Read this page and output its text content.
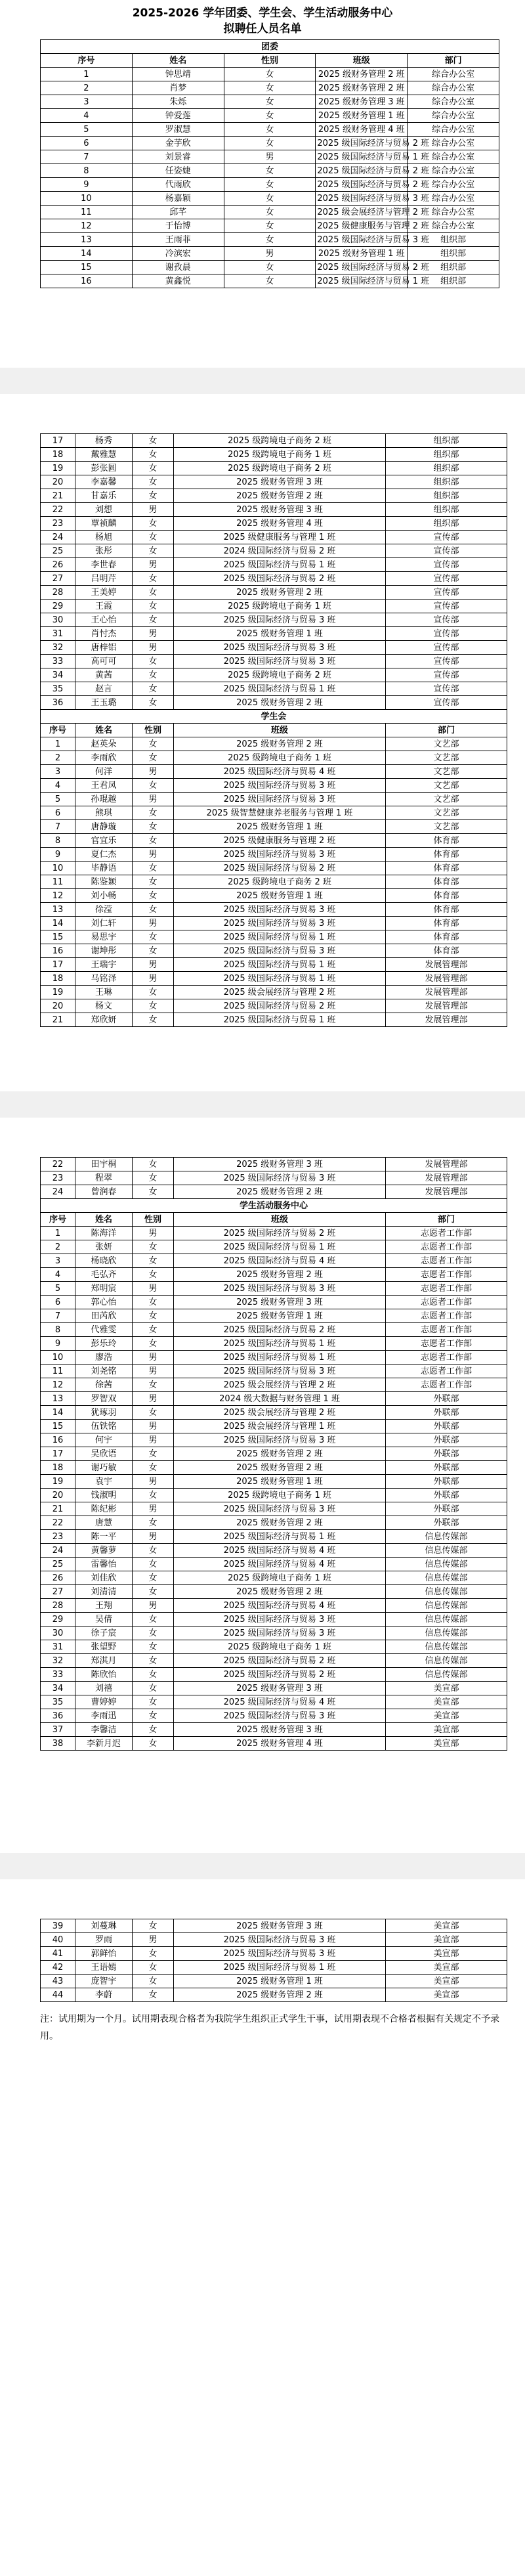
2025-2026 学年团委、学生会、学生活动服务中心
拟聘任人员名单
团委				
序号	姓名	性别	班级	部门
1	钟思靖	女	2025 级财务管理 2 班	综合办公室
2	肖梦	女	2025 级财务管理 2 班	综合办公室
3	朱烁	女	2025 级财务管理 3 班	综合办公室
4	钟爱莲	女	2025 级财务管理 1 班	综合办公室
5	罗淑慧	女	2025 级财务管理 4 班	综合办公室
6	金芋欣	女	2025 级国际经济与贸易 2 班	综合办公室
7	刘景睿	男	2025 级国际经济与贸易 1 班	综合办公室
8	任姿婕	女	2025 级国际经济与贸易 2 班	综合办公室
9	代雨欣	女	2025 级国际经济与贸易 2 班	综合办公室
10	杨嘉颖	女	2025 级国际经济与贸易 3 班	综合办公室
11	邱芊	女	2025 级会展经济与管理 2 班	综合办公室
12	于怡博	女	2025 级健康服务与管理 2 班	综合办公室
13	王雨菲	女	2025 级国际经济与贸易 3 班	组织部
14	冷滨宏	男	2025 级财务管理 1 班	组织部
15	谢孜晨	女	2025 级国际经济与贸易 2 班	组织部
16	黄鑫悦	女	2025 级国际经济与贸易 1 班	组织部
17	杨秀	女	2025 级跨境电子商务 2 班	组织部
18	戴雅慧	女	2025 级跨境电子商务 1 班	组织部
19	彭张圆	女	2025 级跨境电子商务 2 班	组织部
20	李嘉馨	女	2025 级财务管理 3 班	组织部
21	甘嘉乐	女	2025 级财务管理 2 班	组织部
22	刘想	男	2025 级财务管理 3 班	组织部
23	覃祯麟	女	2025 级财务管理 4 班	组织部
24	杨旭	女	2025 级健康服务与管理 1 班	宣传部
25	张彤	女	2024 级国际经济与贸易 2 班	宣传部
26	李世春	男	2025 级国际经济与贸易 1 班	宣传部
27	吕明芹	女	2025 级国际经济与贸易 2 班	宣传部
28	王美婷	女	2025 级财务管理 2 班	宣传部
29	王霞	女	2025 级跨境电子商务 1 班	宣传部
30	王心怡	女	2025 级国际经济与贸易 3 班	宣传部
31	肖忖杰	男	2025 级财务管理 1 班	宣传部
32	唐梓铝	男	2025 级国际经济与贸易 3 班	宣传部
33	高可可	女	2025 级国际经济与贸易 3 班	宣传部
34	黄茜	女	2025 级跨境电子商务 2 班	宣传部
35	赵言	女	2025 级国际经济与贸易 1 班	宣传部
36	王玉璐	女	2025 级财务管理 2 班	宣传部
学生会				
序号	姓名	性别	班级	部门
1	赵英朵	女	2025 级财务管理 2 班	文艺部
2	李雨欣	女	2025 级跨境电子商务 1 班	文艺部
3	何洋	男	2025 级国际经济与贸易 4 班	文艺部
4	王君凤	女	2025 级国际经济与贸易 3 班	文艺部
5	孙琨越	男	2025 级国际经济与贸易 3 班	文艺部
6	熊琪	女	2025 级智慧健康养老服务与管理 1 班	文艺部
7	唐静璇	女	2025 级财务管理 1 班	文艺部
8	官宜乐	女	2025 级健康服务与管理 2 班	体育部
9	夏仁杰	男	2025 级国际经济与贸易 3 班	体育部
10	毕静语	女	2025 级国际经济与贸易 2 班	体育部
11	陈鉴颖	女	2025 级跨境电子商务 2 班	体育部
12	刘小畅	女	2025 级财务管理 1 班	体育部
13	徐滢	女	2025 级国际经济与贸易 3 班	体育部
14	刘仁轩	男	2025 级国际经济与贸易 3 班	体育部
15	易思宇	女	2025 级国际经济与贸易 1 班	体育部
16	谢坤彤	女	2025 级国际经济与贸易 3 班	体育部
17	王瑞宇	男	2025 级国际经济与贸易 1 班	发展管理部
18	马铭泽	男	2025 级国际经济与贸易 1 班	发展管理部
19	王琳	女	2025 级会展经济与管理 2 班	发展管理部
20	杨文	女	2025 级国际经济与贸易 2 班	发展管理部
21	郑欣妍	女	2025 级国际经济与贸易 1 班	发展管理部
22	田宇桐	女	2025 级财务管理 3 班	发展管理部
23	程翠	女	2025 级国际经济与贸易 3 班	发展管理部
24	曾润春	女	2025 级财务管理 2 班	发展管理部
学生活动服务中心				
序号	姓名	性别	班级	部门
1	陈海洋	男	2025 级国际经济与贸易 2 班	志愿者工作部
2	张妍	女	2025 级国际经济与贸易 1 班	志愿者工作部
3	杨晓欣	女	2025 级国际经济与贸易 4 班	志愿者工作部
4	毛弘齐	女	2025 级财务管理 2 班	志愿者工作部
5	郑明宸	男	2025 级国际经济与贸易 3 班	志愿者工作部
6	郭心怡	女	2025 级财务管理 3 班	志愿者工作部
7	田芮欣	女	2025 级财务管理 1 班	志愿者工作部
8	代雅雯	女	2025 级国际经济与贸易 2 班	志愿者工作部
9	彭乐玲	女	2025 级国际经济与贸易 1 班	志愿者工作部
10	廖浩	男	2025 级国际经济与贸易 1 班	志愿者工作部
11	刘尧铭	男	2025 级国际经济与贸易 3 班	志愿者工作部
12	徐茜	女	2025 级会展经济与管理 2 班	志愿者工作部
13	罗智双	男	2024 级大数据与财务管理 1 班	外联部
14	犹琢羽	女	2025 级会展经济与管理 2 班	外联部
15	伍铁铭	男	2025 级会展经济与管理 1 班	外联部
16	何宇	男	2025 级国际经济与贸易 3 班	外联部
17	吴欣语	女	2025 级财务管理 2 班	外联部
18	谢巧敏	女	2025 级财务管理 2 班	外联部
19	袁宇	男	2025 级财务管理 1 班	外联部
20	钱淑明	女	2025 级跨境电子商务 1 班	外联部
21	陈纪彬	男	2025 级国际经济与贸易 3 班	外联部
22	唐慧	女	2025 级财务管理 2 班	外联部
23	陈一平	男	2025 级国际经济与贸易 1 班	信息传媒部
24	黄馨萝	女	2025 级国际经济与贸易 4 班	信息传媒部
25	雷馨怡	女	2025 级国际经济与贸易 4 班	信息传媒部
26	刘佳欣	女	2025 级跨境电子商务 1 班	信息传媒部
27	刘清清	女	2025 级财务管理 2 班	信息传媒部
28	王翔	男	2025 级国际经济与贸易 4 班	信息传媒部
29	吴倩	女	2025 级国际经济与贸易 3 班	信息传媒部
30	徐子宸	女	2025 级国际经济与贸易 3 班	信息传媒部
31	张望野	女	2025 级跨境电子商务 1 班	信息传媒部
32	郑淇月	女	2025 级国际经济与贸易 2 班	信息传媒部
33	陈欣怡	女	2025 级国际经济与贸易 2 班	信息传媒部
34	刘禧	女	2025 级财务管理 3 班	美宣部
35	曹婷婷	女	2025 级国际经济与贸易 4 班	美宣部
36	李雨迅	女	2025 级国际经济与贸易 3 班	美宣部
37	李馨洁	女	2025 级财务管理 3 班	美宣部
38	李新月迟	女	2025 级财务管理 4 班	美宣部
39	刘蔓琳	女	2025 级财务管理 3 班	美宣部
40	罗雨	男	2025 级国际经济与贸易 3 班	美宣部
41	郭鲜怡	女	2025 级国际经济与贸易 3 班	美宣部
42	王语嫣	女	2025 级国际经济与贸易 1 班	美宣部
43	庞智宇	女	2025 级财务管理 1 班	美宣部
44	李蔚	女	2025 级财务管理 2 班	美宣部
注：试用期为一个月。试用期表现合格者为我院学生组织正式学生干事，试用期表现不合格者根据有关规定不予录用。
